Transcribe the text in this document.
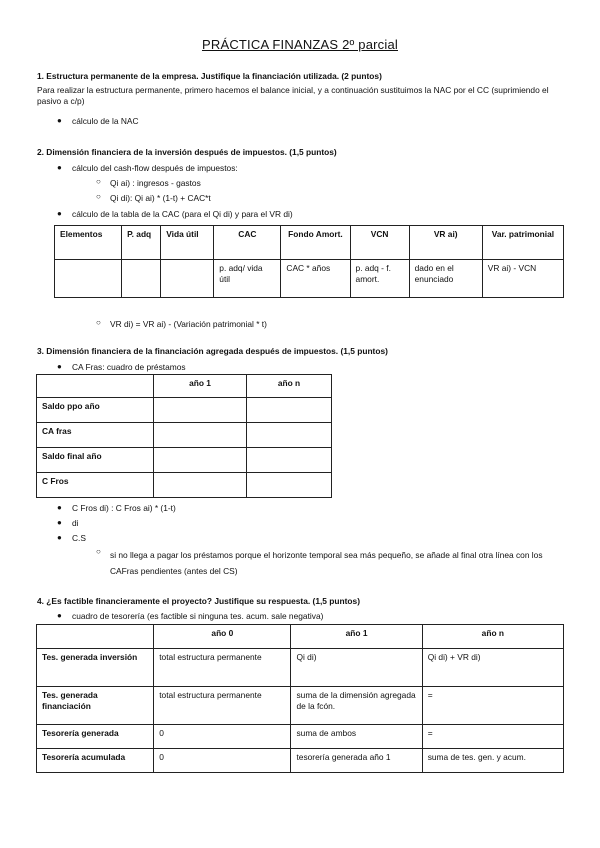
PRÁCTICA FINANZAS 2º parcial
1. Estructura permanente de la empresa. Justifique la financiación utilizada. (2 puntos)
Para realizar la estructura permanente, primero hacemos el balance inicial, y a continuación sustituimos la NAC por el CC (suprimiendo el pasivo a c/p)
● cálculo de la NAC
2. Dimensión financiera de la inversión después de impuestos. (1,5 puntos)
● cálculo del cash-flow después de impuestos:
○ Qi ai) : ingresos - gastos
○ Qi di): Qi ai) * (1-t) + CAC*t
● cálculo de la tabla de la CAC (para el Qi di) y para el VR di)
Elementos	P. adq	Vida útil	CAC	Fondo Amort.	VCN	VR ai)	Var. patrimonial
			p. adq/ vida útil	CAC * años	p. adq - f. amort.	dado en el enunciado	VR ai) - VCN
○ VR di) = VR ai) - (Variación patrimonial * t)
3. Dimensión financiera de la financiación agregada después de impuestos. (1,5 puntos)
● CA Fras: cuadro de préstamos
	año 1	año n
Saldo ppo año		
CA fras		
Saldo final año		
C Fros		
● C Fros di) : C Fros ai) * (1-t)
● di
● C.S
○ si no llega a pagar los préstamos porque el horizonte temporal sea más pequeño, se añade al final otra línea con los CAFras pendientes (antes del CS)
4. ¿Es factible financieramente el proyecto? Justifique su respuesta. (1,5 puntos)
● cuadro de tesorería (es factible si ninguna tes. acum. sale negativa)
	año 0	año 1	año n
Tes. generada inversión	total estructura permanente	Qi di)	Qi di) + VR di)
Tes. generada financiación	total estructura permanente	suma de la dimensión agregada de la fcón.	=
Tesorería generada	0	suma de ambos	=
Tesorería acumulada	0	tesorería generada año 1	suma de tes. gen. y acum.
